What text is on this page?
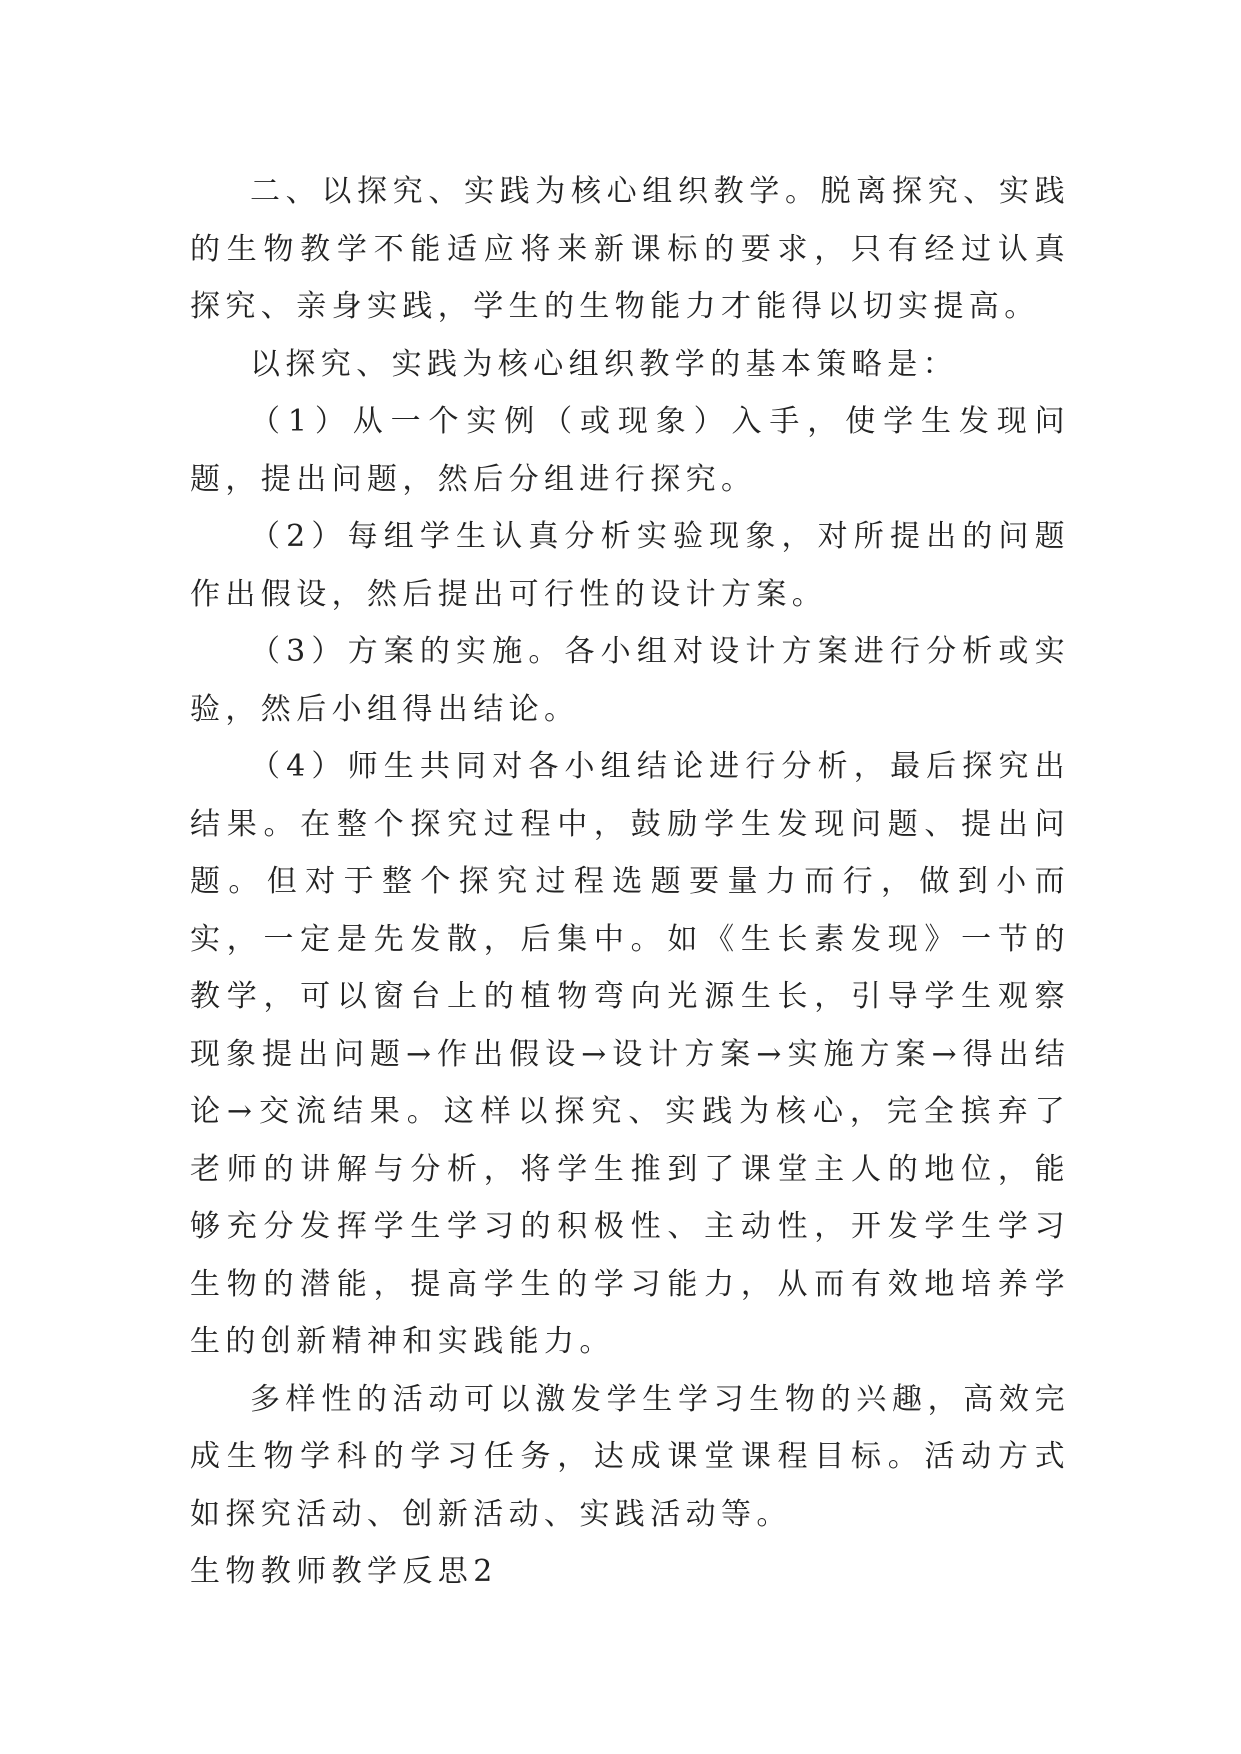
二、以探究、实践为核心组织教学。脱离探究、实践的生物教学不能适应将来新课标的要求，只有经过认真探究、亲身实践，学生的生物能力才能得以切实提高。

以探究、实践为核心组织教学的基本策略是：

（1）从一个实例（或现象）入手，使学生发现问题，提出问题，然后分组进行探究。

（2）每组学生认真分析实验现象，对所提出的问题作出假设，然后提出可行性的设计方案。

（3）方案的实施。各小组对设计方案进行分析或实验，然后小组得出结论。

（4）师生共同对各小组结论进行分析，最后探究出结果。在整个探究过程中，鼓励学生发现问题、提出问题。但对于整个探究过程选题要量力而行，做到小而实，一定是先发散，后集中。如《生长素发现》一节的教学，可以窗台上的植物弯向光源生长，引导学生观察现象提出问题→作出假设→设计方案→实施方案→得出结论→交流结果。这样以探究、实践为核心，完全摈弃了老师的讲解与分析，将学生推到了课堂主人的地位，能够充分发挥学生学习的积极性、主动性，开发学生学习生物的潜能，提高学生的学习能力，从而有效地培养学生的创新精神和实践能力。

多样性的活动可以激发学生学习生物的兴趣，高效完成生物学科的学习任务，达成课堂课程目标。活动方式如探究活动、创新活动、实践活动等。

生物教师教学反思2
